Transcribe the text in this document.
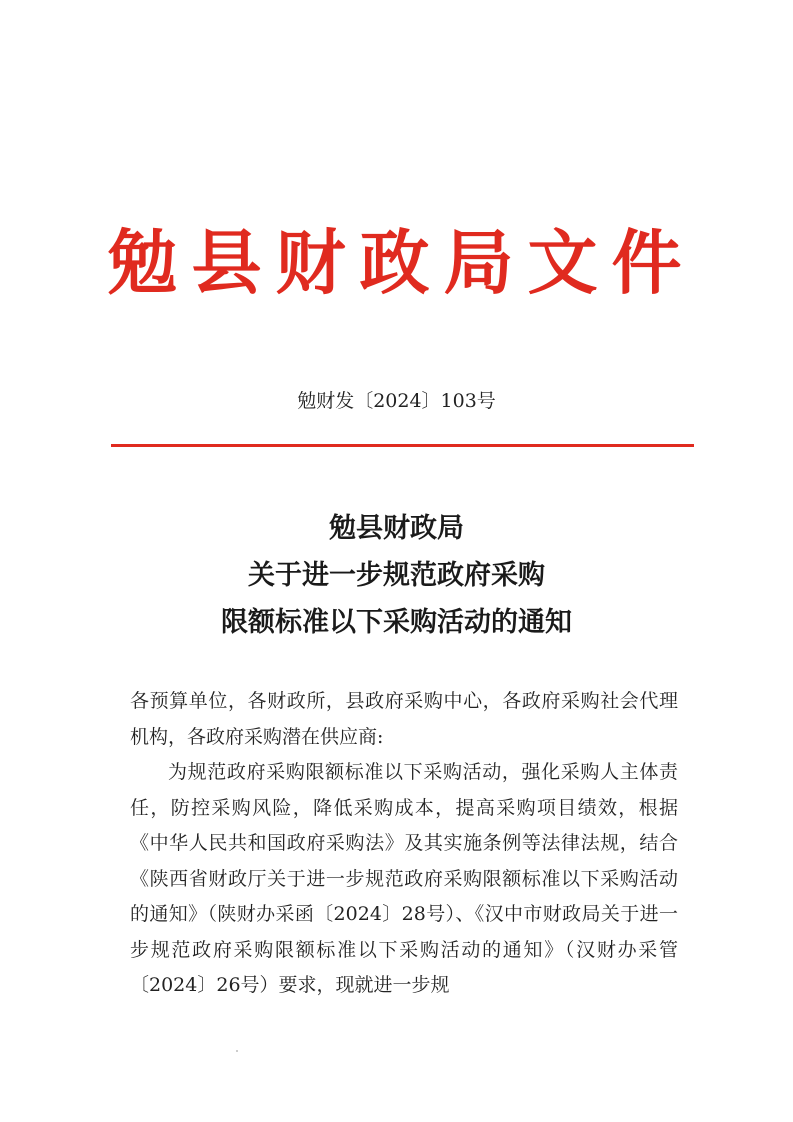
勉县财政局文件
勉财发〔2024〕103号
勉县财政局
关于进一步规范政府采购
限额标准以下采购活动的通知

各预算单位，各财政所，县政府采购中心，各政府采购社会代理机构，各政府采购潜在供应商:

为规范政府采购限额标准以下采购活动，强化采购人主体责任，防控采购风险，降低采购成本，提高采购项目绩效，根据《中华人民共和国政府采购法》及其实施条例等法律法规，结合《陕西省财政厅关于进一步规范政府采购限额标准以下采购活动的通知》（陕财办采函〔2024〕28号）、《汉中市财政局关于进一步规范政府采购限额标准以下采购活动的通知》（汉财办采管〔2024〕26号）要求，现就进一步规
